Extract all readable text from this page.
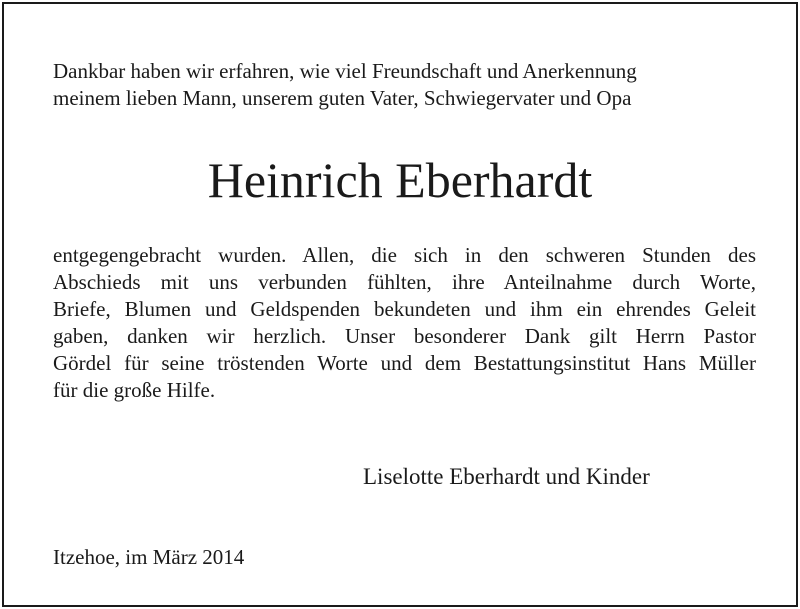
Dankbar haben wir erfahren, wie viel Freundschaft und Anerkennung
meinem lieben Mann, unserem guten Vater, Schwiegervater und Opa

Heinrich Eberhardt

entgegengebracht wurden. Allen, die sich in den schweren Stunden des
Abschieds mit uns verbunden fühlten, ihre Anteilnahme durch Worte,
Briefe, Blumen und Geldspenden bekundeten und ihm ein ehrendes Geleit
gaben, danken wir herzlich. Unser besonderer Dank gilt Herrn Pastor
Gördel für seine tröstenden Worte und dem Bestattungsinstitut Hans Müller
für die große Hilfe.

Liselotte Eberhardt und Kinder

Itzehoe, im März 2014
